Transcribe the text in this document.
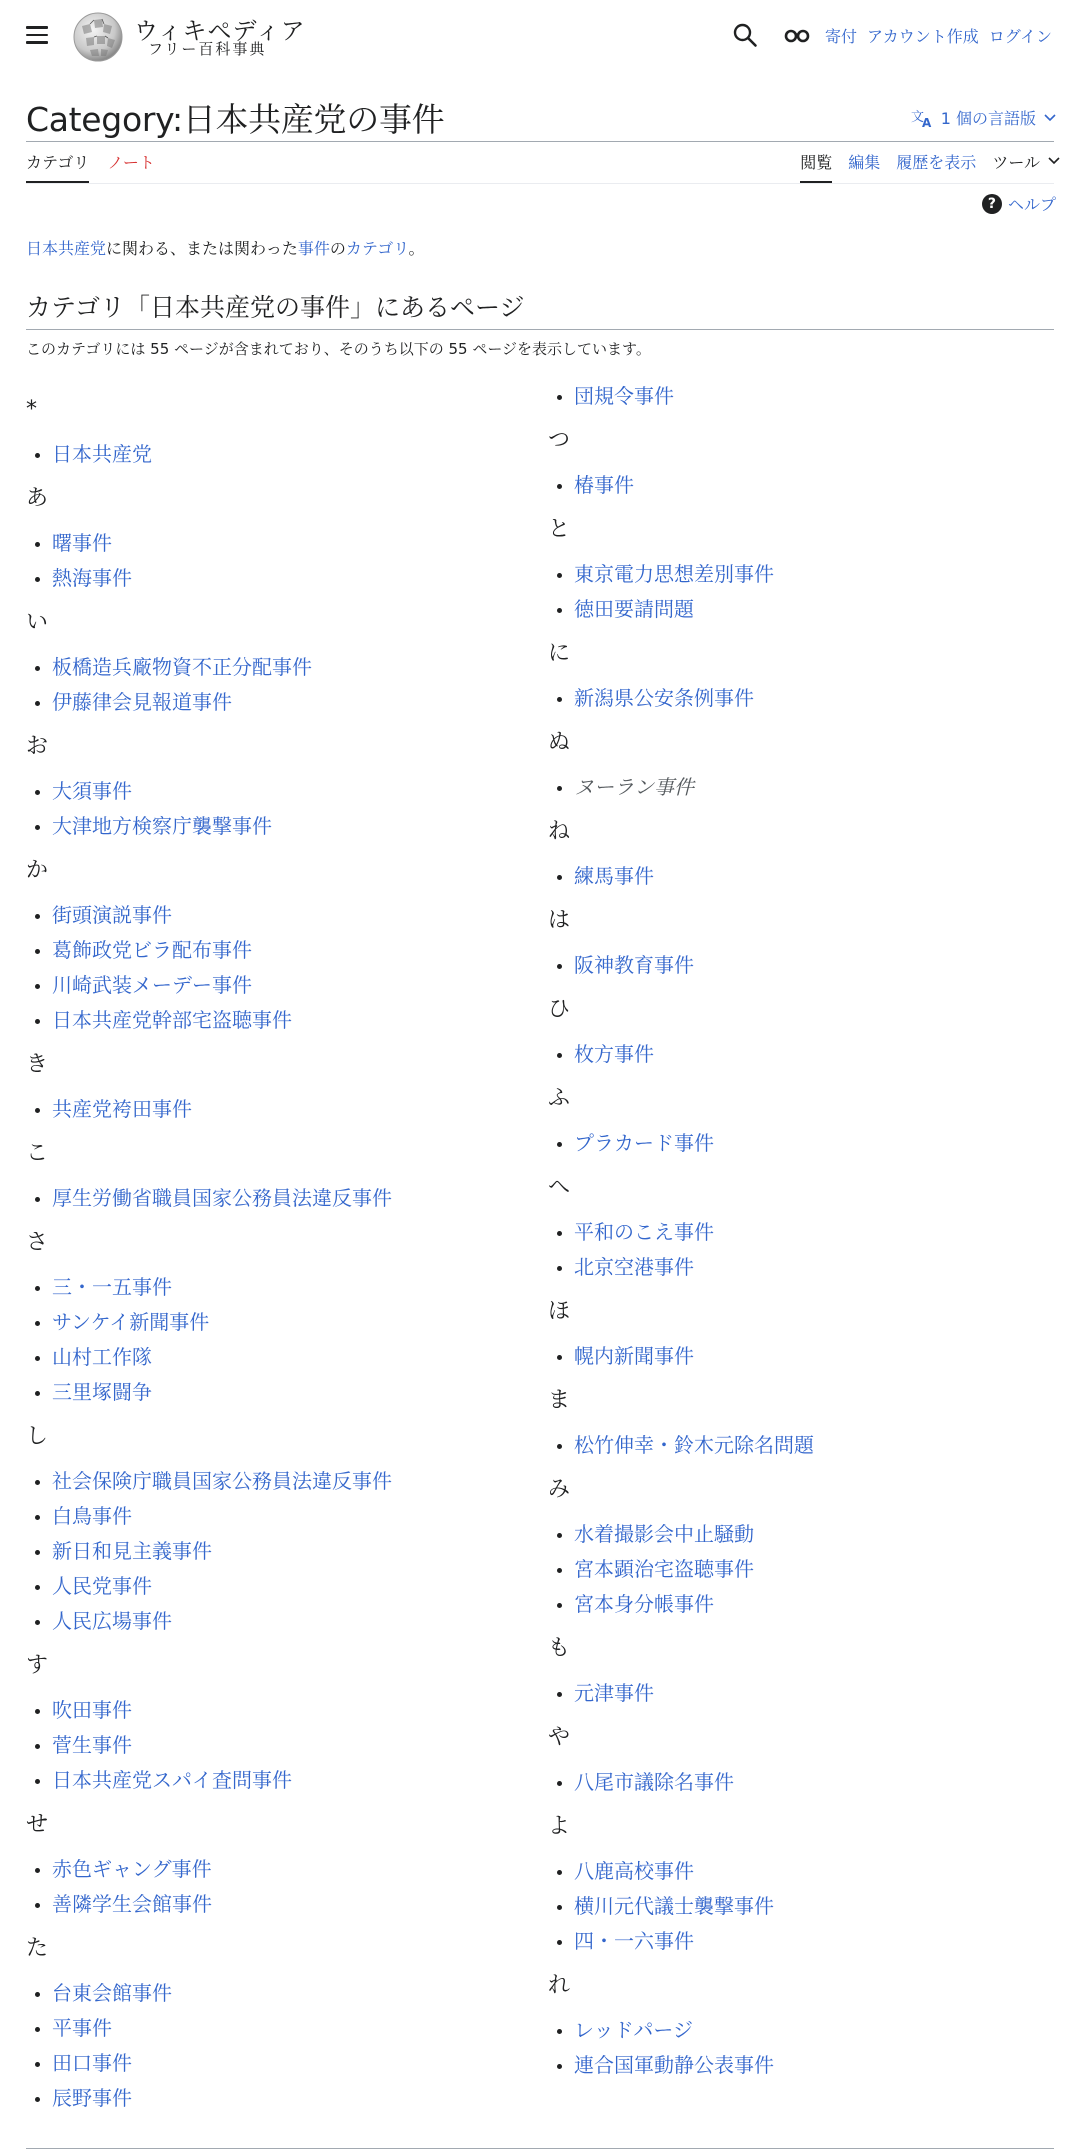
ウィキペディア
フリー百科事典
寄付 アカウント作成 ログイン
Category:日本共産党の事件	文
A 1 個の言語版
カテゴリ ノート	閲覧 編集 履歴を表示 ツール
? ヘルプ
日本共産党に関わる、または関わった事件のカテゴリ。
カテゴリ「日本共産党の事件」にあるページ
このカテゴリには 55 ページが含まれており、そのうち以下の 55 ページを表示しています。
*
日本共産党
あ
曙事件
熱海事件
い
板橋造兵廠物資不正分配事件
伊藤律会見報道事件
お
大須事件
大津地方検察庁襲撃事件
か
街頭演説事件
葛飾政党ビラ配布事件
川崎武装メーデー事件
日本共産党幹部宅盗聴事件
き
共産党袴田事件
こ
厚生労働省職員国家公務員法違反事件
さ
三・一五事件
サンケイ新聞事件
山村工作隊
三里塚闘争
し
社会保険庁職員国家公務員法違反事件
白鳥事件
新日和見主義事件
人民党事件
人民広場事件
す
吹田事件
菅生事件
日本共産党スパイ査問事件
せ
赤色ギャング事件
善隣学生会館事件
た
台東会館事件
平事件
田口事件
辰野事件
団規令事件
つ
椿事件
と
東京電力思想差別事件
徳田要請問題
に
新潟県公安条例事件
ぬ
ヌーラン事件
ね
練馬事件
は
阪神教育事件
ひ
枚方事件
ふ
プラカード事件
へ
平和のこえ事件
北京空港事件
ほ
幌内新聞事件
ま
松竹伸幸・鈴木元除名問題
み
水着撮影会中止騒動
宮本顕治宅盗聴事件
宮本身分帳事件
も
元津事件
や
八尾市議除名事件
よ
八鹿高校事件
横川元代議士襲撃事件
四・一六事件
れ
レッドパージ
連合国軍動静公表事件
